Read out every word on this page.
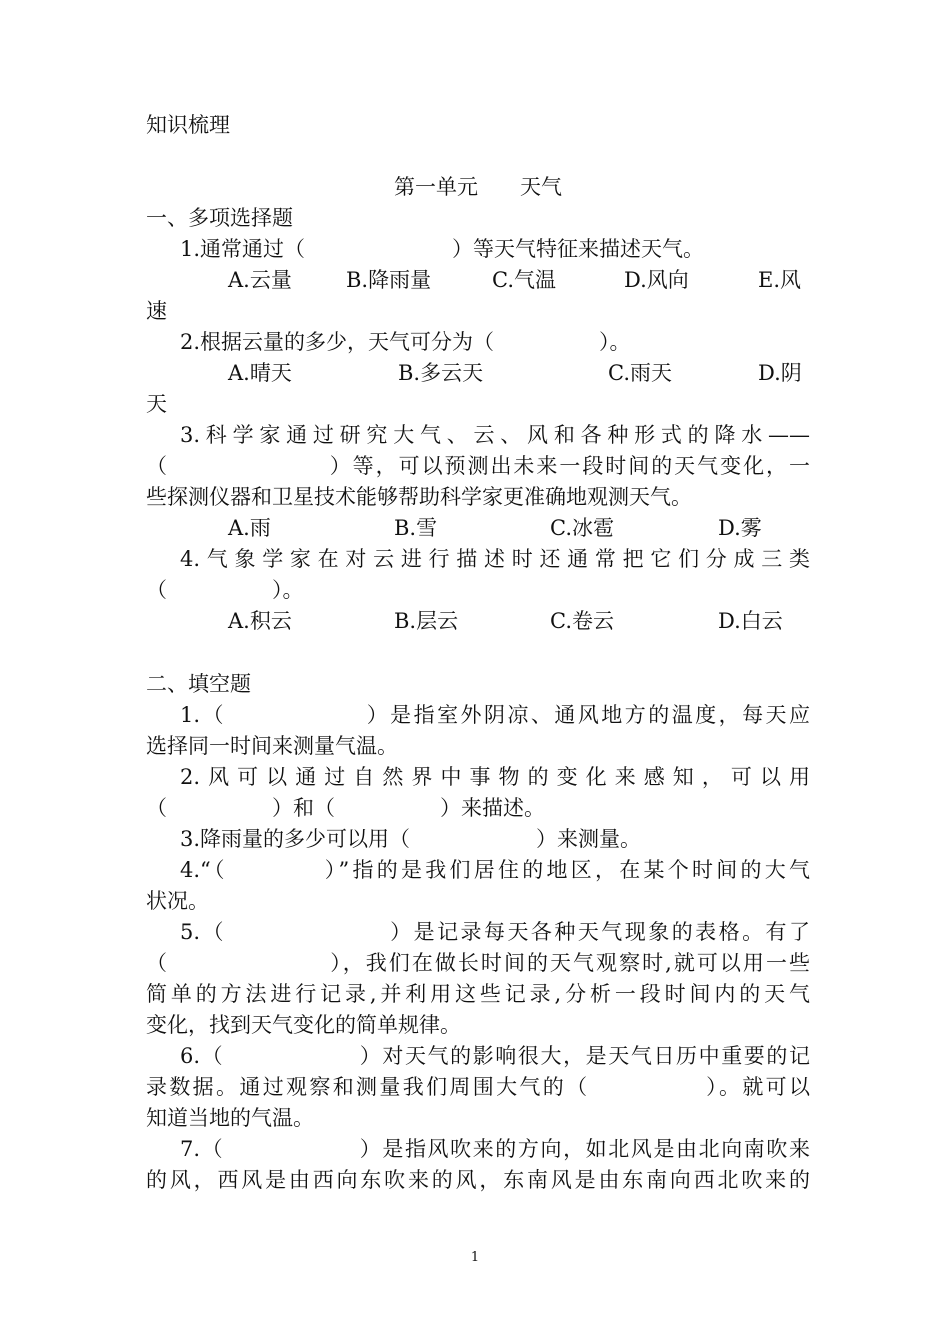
知识梳理
第一单元　　天气
一、多项选择题
1.通常通过（　　　　　　　）等天气特征来描述天气。
A.云量	B.降雨量	C.气温	D.风向	E.风
速
2.根据云量的多少，天气可分为（　　　　　）。
A.晴天	B.多云天	C.雨天	D.阴
天
3.科学家通过研究大气、云、风和各种形式的降水——
（　　　　　　　）等，可以预测出未来一段时间的天气变化，一
些探测仪器和卫星技术能够帮助科学家更准确地观测天气。
A.雨	B.雪	C.冰雹	D.雾
4.气象学家在对云进行描述时还通常把它们分成三类
（　　　　　）。
A.积云	B.层云	C.卷云	D.白云
二、填空题
1.（　　　　　　）是指室外阴凉、通风地方的温度，每天应
选择同一时间来测量气温。
2.风可以通过自然界中事物的变化来感知，可以用
（　　　　　）和（　　　　　）来描述。
3.降雨量的多少可以用（　　　　　　）来测量。
4.“（　　　　）”指的是我们居住的地区，在某个时间的大气
状况。
5.（　　　　　　　）是记录每天各种天气现象的表格。有了
（　　　　　　　），我们在做长时间的天气观察时,就可以用一些
简单的方法进行记录,并利用这些记录,分析一段时间内的天气
变化，找到天气变化的简单规律。
6.（　　　　　　）对天气的影响很大，是天气日历中重要的记
录数据。通过观察和测量我们周围大气的（　　　　　）。就可以
知道当地的气温。
7.（　　　　　　）是指风吹来的方向，如北风是由北向南吹来
的风，西风是由西向东吹来的风，东南风是由东南向西北吹来的
1
